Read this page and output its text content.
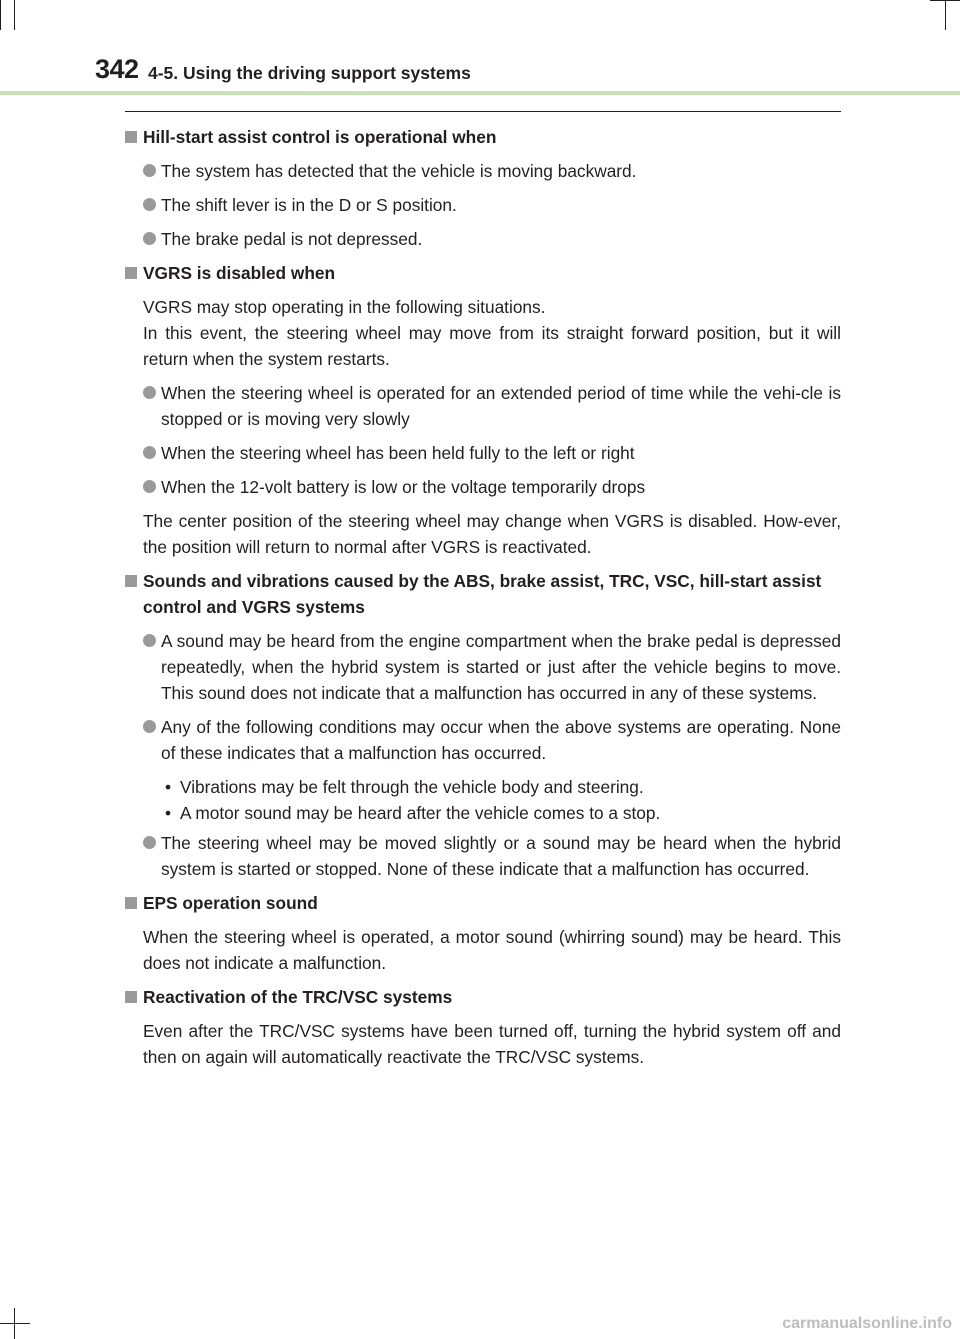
342 4-5. Using the driving support systems
Hill-start assist control is operational when
The system has detected that the vehicle is moving backward.
The shift lever is in the D or S position.
The brake pedal is not depressed.
VGRS is disabled when
VGRS may stop operating in the following situations.
In this event, the steering wheel may move from its straight forward position, but it will return when the system restarts.
When the steering wheel is operated for an extended period of time while the vehi-cle is stopped or is moving very slowly
When the steering wheel has been held fully to the left or right
When the 12-volt battery is low or the voltage temporarily drops
The center position of the steering wheel may change when VGRS is disabled. How-ever, the position will return to normal after VGRS is reactivated.
Sounds and vibrations caused by the ABS, brake assist, TRC, VSC, hill-start assist control and VGRS systems
A sound may be heard from the engine compartment when the brake pedal is depressed repeatedly, when the hybrid system is started or just after the vehicle begins to move. This sound does not indicate that a malfunction has occurred in any of these systems.
Any of the following conditions may occur when the above systems are operating. None of these indicates that a malfunction has occurred.
• Vibrations may be felt through the vehicle body and steering.
• A motor sound may be heard after the vehicle comes to a stop.
The steering wheel may be moved slightly or a sound may be heard when the hybrid system is started or stopped. None of these indicate that a malfunction has occurred.
EPS operation sound
When the steering wheel is operated, a motor sound (whirring sound) may be heard. This does not indicate a malfunction.
Reactivation of the TRC/VSC systems
Even after the TRC/VSC systems have been turned off, turning the hybrid system off and then on again will automatically reactivate the TRC/VSC systems.
carmanualsonline.info
